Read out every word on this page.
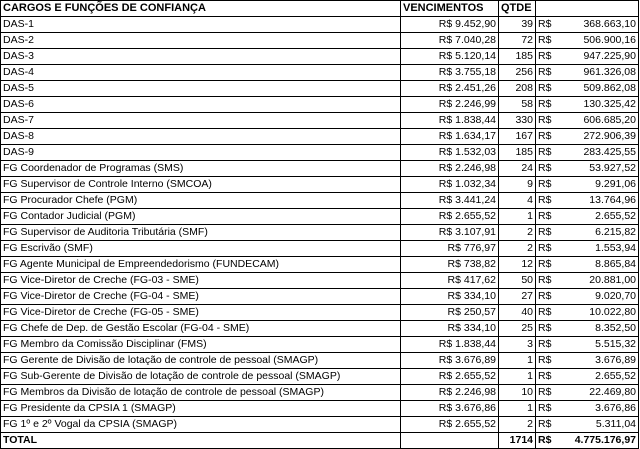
CARGOS E FUNÇÕES DE CONFIANÇA	VENCIMENTOS	QTDE		
DAS-1	R$ 9.452,90	39	R$	368.663,10
DAS-2	R$ 7.040,28	72	R$	506.900,16
DAS-3	R$ 5.120,14	185	R$	947.225,90
DAS-4	R$ 3.755,18	256	R$	961.326,08
DAS-5	R$ 2.451,26	208	R$	509.862,08
DAS-6	R$ 2.246,99	58	R$	130.325,42
DAS-7	R$ 1.838,44	330	R$	606.685,20
DAS-8	R$ 1.634,17	167	R$	272.906,39
DAS-9	R$ 1.532,03	185	R$	283.425,55
FG Coordenador de Programas (SMS)	R$ 2.246,98	24	R$	53.927,52
FG Supervisor de Controle Interno (SMCOA)	R$ 1.032,34	9	R$	9.291,06
FG Procurador Chefe (PGM)	R$ 3.441,24	4	R$	13.764,96
FG Contador Judicial (PGM)	R$ 2.655,52	1	R$	2.655,52
FG Supervisor de Auditoria Tributária (SMF)	R$ 3.107,91	2	R$	6.215,82
FG Escrivão (SMF)	R$ 776,97	2	R$	1.553,94
FG Agente Municipal de Empreendedorismo (FUNDECAM)	R$ 738,82	12	R$	8.865,84
FG Vice-Diretor de Creche (FG-03 - SME)	R$ 417,62	50	R$	20.881,00
FG Vice-Diretor de Creche (FG-04 - SME)	R$ 334,10	27	R$	9.020,70
FG Vice-Diretor de Creche (FG-05 - SME)	R$ 250,57	40	R$	10.022,80
FG Chefe de Dep. de Gestão Escolar (FG-04 - SME)	R$ 334,10	25	R$	8.352,50
FG Membro da Comissão Disciplinar (FMS)	R$ 1.838,44	3	R$	5.515,32
FG Gerente de Divisão de lotação de controle de pessoal (SMAGP)	R$ 3.676,89	1	R$	3.676,89
FG Sub-Gerente de Divisão de lotação de controle de pessoal (SMAGP)	R$ 2.655,52	1	R$	2.655,52
FG Membros da Divisão de lotação de controle de pessoal (SMAGP)	R$ 2.246,98	10	R$	22.469,80
FG Presidente da CPSIA 1 (SMAGP)	R$ 3.676,86	1	R$	3.676,86
FG 1º e 2º Vogal da CPSIA (SMAGP)	R$ 2.655,52	2	R$	5.311,04
TOTAL		1714	R$	4.775.176,97
